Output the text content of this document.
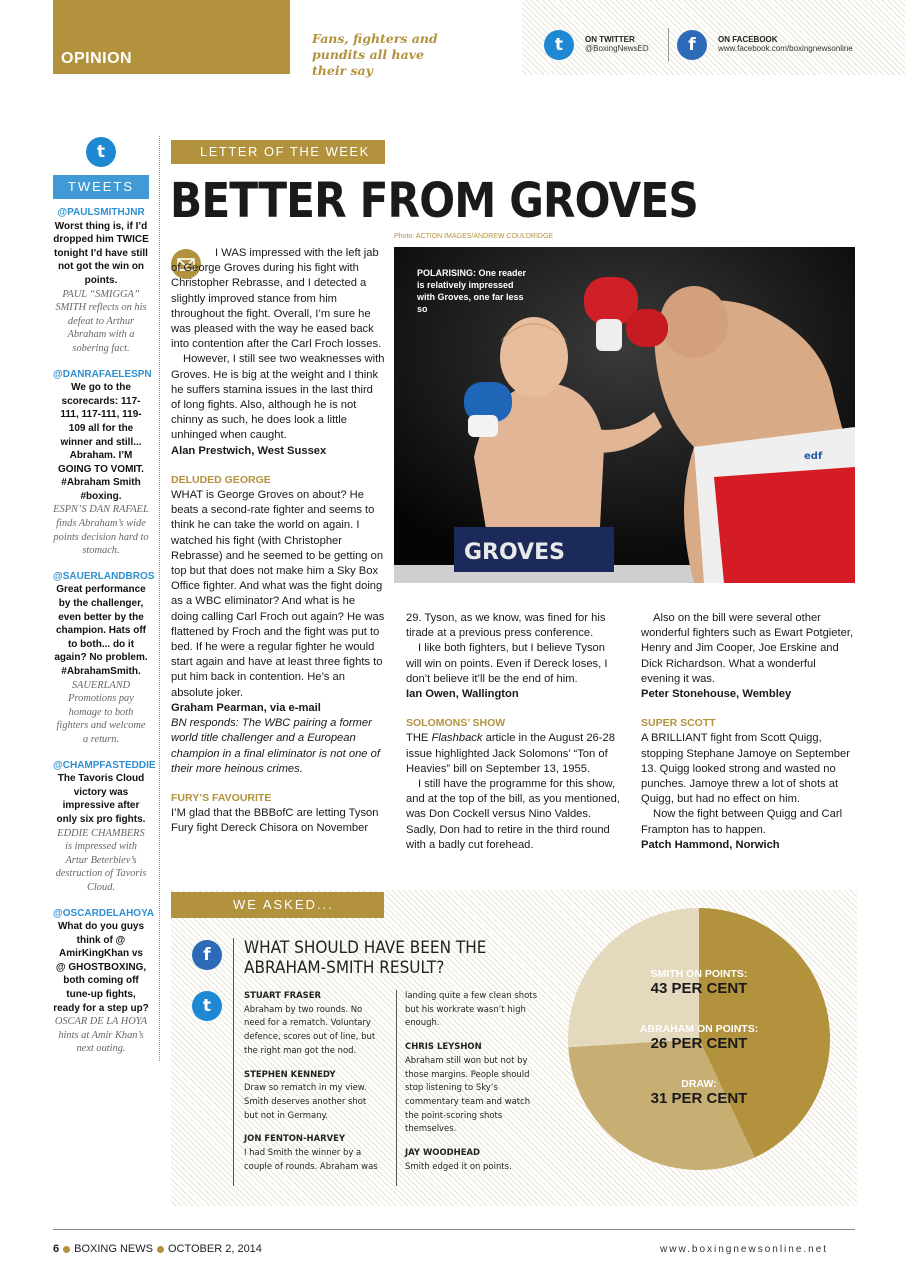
OPINION
Fans, fighters and pundits all have their say
t	ON TWITTER
@BoxingNewsED	f	ON FACEBOOK
www.facebook.com/boxingnewsonline
t
TWEETS
@PAULSMITHJNR
Worst thing is, if I’d dropped him TWICE tonight I’d have still not got the win on points.
PAUL “SMIGGA” SMITH reflects on his defeat to Arthur Abraham with a sobering fact.
@DANRAFAELESPN
We go to the scorecards: 117-111, 117-111, 119-109 all for the winner and still... Abraham. I’M GOING TO VOMIT. #Abraham Smith #boxing.
ESPN’S DAN RAFAEL finds Abraham’s wide points decision hard to stomach.
@SAUERLANDBROS
Great performance by the challenger, even better by the champion. Hats off to both... do it again? No problem. #AbrahamSmith.
SAUERLAND Promotions pay homage to both fighters and welcome a return.
@CHAMPFASTEDDIE
The Tavoris Cloud victory was impressive after only six pro fights.
EDDIE CHAMBERS is impressed with Artur Beterbiev’s destruction of Tavoris Cloud.
@OSCARDELAHOYA
What do you guys think of @ AmirKingKhan vs @ GHOSTBOXING, both coming off tune-up fights, ready for a step up?
OSCAR DE LA HOYA hints at Amir Khan’s next outing.
LETTER OF THE WEEK
BETTER FROM GROVES
Photo: ACTION IMAGES/ANDREW COULDRIDGE
GROVES
edf
POLARISING: One reader is relatively impressed with Groves, one far less so

I WAS impressed with the left jab of George Groves during his fight with Christopher Rebrasse, and I detected a slightly improved stance from him throughout the fight. Overall, I’m sure he was pleased with the way he eased back into contention after the Carl Froch losses.

However, I still see two weaknesses with Groves. He is big at the weight and I think he suffers stamina issues in the last third of long fights. Also, although he is not chinny as such, he does look a little unhinged when caught.

Alan Prestwich, West Sussex

DELUDED GEORGE

WHAT is George Groves on about? He beats a second-rate fighter and seems to think he can take the world on again. I watched his fight (with Christopher Rebrasse) and he seemed to be getting on top but that does not make him a Sky Box Office fighter. And what was the fight doing as a WBC eliminator? And what is he doing calling Carl Froch out again? He was flattened by Froch and the fight was put to bed. If he were a regular fighter he would start again and have at least three fights to put him back in contention. He’s an absolute joker.

Graham Pearman, via e-mail

BN responds: The WBC pairing a former world title challenger and a European champion in a final eliminator is not one of their more heinous crimes.

FURY’S FAVOURITE

I’M glad that the BBBofC are letting Tyson Fury fight Dereck Chisora on November

29. Tyson, as we know, was fined for his tirade at a previous press conference.

I like both fighters, but I believe Tyson will win on points. Even if Dereck loses, I don’t believe it’ll be the end of him.

Ian Owen, Wallington

SOLOMONS’ SHOW

THE Flashback article in the August 26-28 issue highlighted Jack Solomons’ “Ton of Heavies” bill on September 13, 1955.

I still have the programme for this show, and at the top of the bill, as you mentioned, was Don Cockell versus Nino Valdes. Sadly, Don had to retire in the third round with a badly cut forehead.

Also on the bill were several other wonderful fighters such as Ewart Potgieter, Henry and Jim Cooper, Joe Erskine and Dick Richardson. What a wonderful evening it was.

Peter Stonehouse, Wembley

SUPER SCOTT

A BRILLIANT fight from Scott Quigg, stopping Stephane Jamoye on September 13. Quigg looked strong and wasted no punches. Jamoye threw a lot of shots at Quigg, but had no effect on him.

Now the fight between Quigg and Carl Frampton has to happen.

Patch Hammond, Norwich

WE ASKED...
f
t
WHAT SHOULD HAVE BEEN THE ABRAHAM-SMITH RESULT?

STUART FRASER
Abraham by two rounds. No need for a rematch. Voluntary defence, scores out of line, but the right man got the nod.

STEPHEN KENNEDY
Draw so rematch in my view. Smith deserves another shot but not in Germany.

JON FENTON-HARVEY
I had Smith the winner by a couple of rounds. Abraham was

landing quite a few clean shots but his workrate wasn’t high enough.

CHRIS LEYSHON
Abraham still won but not by those margins. People should stop listening to Sky’s commentary team and watch the point-scoring shots themselves.

JAY WOODHEAD
Smith edged it on points.

SMITH ON POINTS:
43 PER CENT
ABRAHAM ON POINTS:
26 PER CENT
DRAW:
31 PER CENT
6 BOXING NEWS OCTOBER 2, 2014	www.boxingnewsonline.net
